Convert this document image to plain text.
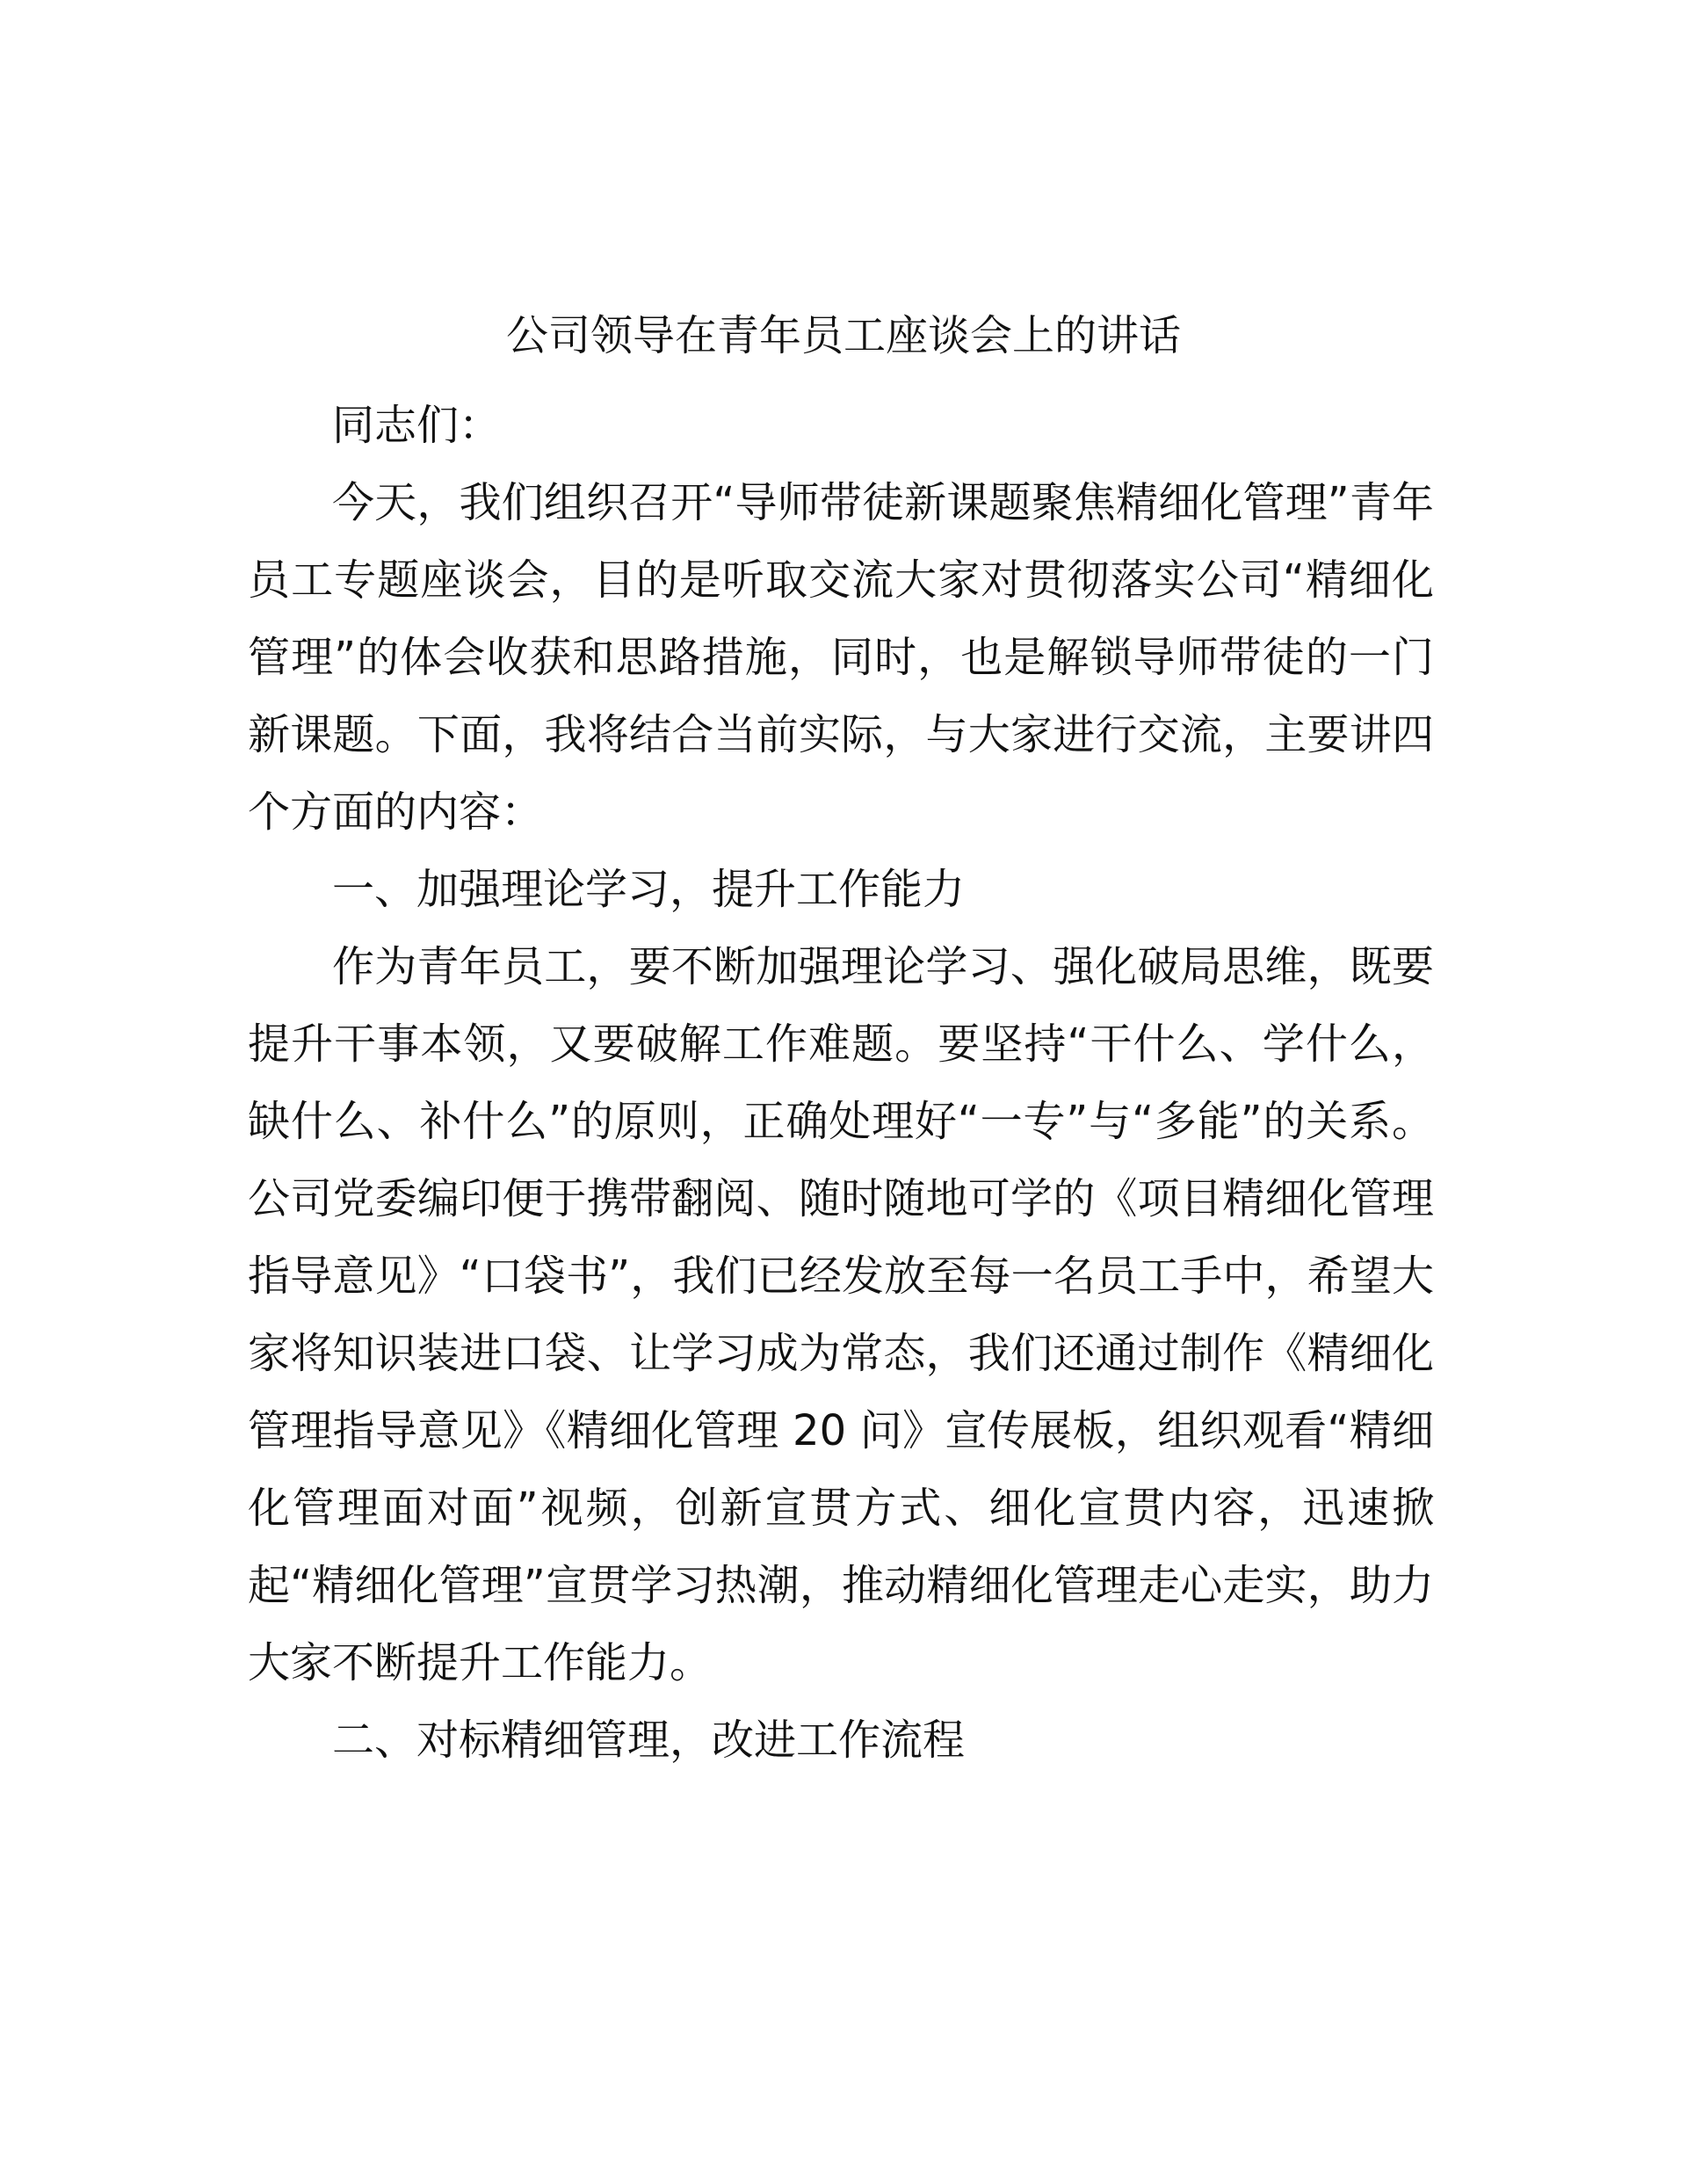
公司领导在青年员工座谈会上的讲话

同志们：

今天，我们组织召开“导师带徒新课题聚焦精细化管理”青年员工专题座谈会，目的是听取交流大家对贯彻落实公司“精细化管理”的体会收获和思路措施，同时，也是解锁导师带徒的一门新课题。下面，我将结合当前实际，与大家进行交流，主要讲四个方面的内容：

一、加强理论学习，提升工作能力

作为青年员工，要不断加强理论学习、强化破局思维，既要提升干事本领，又要破解工作难题。要坚持“干什么、学什么，缺什么、补什么”的原则，正确处理好“一专”与“多能”的关系。公司党委编印便于携带翻阅、随时随地可学的《项目精细化管理指导意见》“口袋书”，我们已经发放至每一名员工手中，希望大家将知识装进口袋、让学习成为常态，我们还通过制作《精细化管理指导意见》《精细化管理 20 问》宣传展板，组织观看“精细化管理面对面”视频，创新宣贯方式、细化宣贯内容，迅速掀起“精细化管理”宣贯学习热潮，推动精细化管理走心走实，助力大家不断提升工作能力。

二、对标精细管理，改进工作流程
